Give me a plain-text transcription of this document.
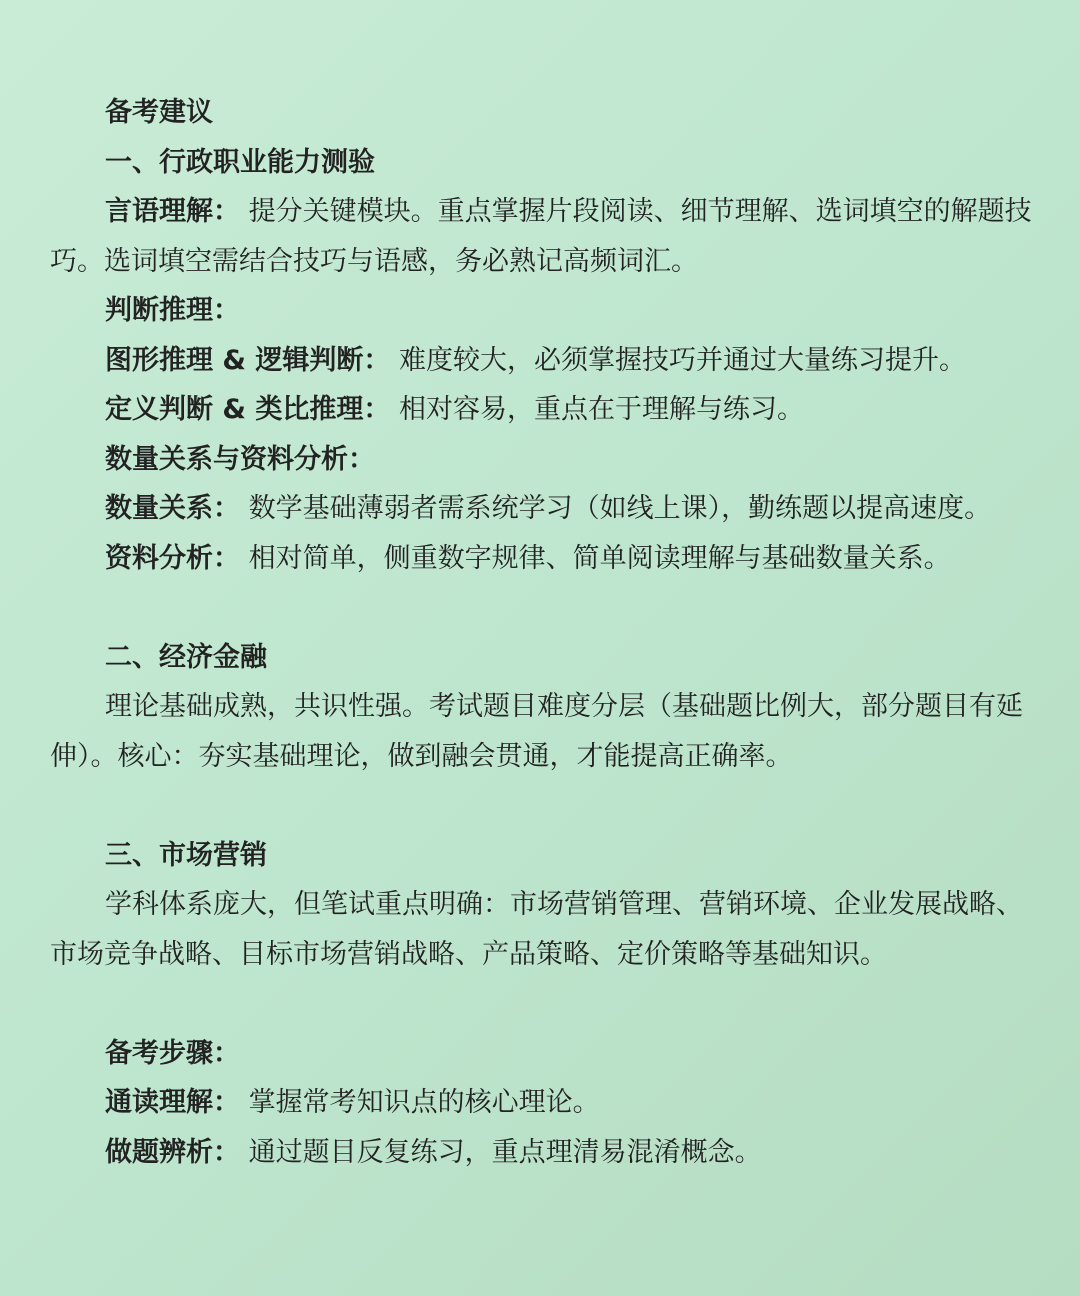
备考建议
一、行政职业能力测验
言语理解： 提分关键模块。重点掌握片段阅读、细节理解、选词填空的解题技巧。选词填空需结合技巧与语感，务必熟记高频词汇。
判断推理：
图形推理 & 逻辑判断： 难度较大，必须掌握技巧并通过大量练习提升。
定义判断 & 类比推理： 相对容易，重点在于理解与练习。
数量关系与资料分析：
数量关系： 数学基础薄弱者需系统学习（如线上课），勤练题以提高速度。
资料分析： 相对简单，侧重数字规律、简单阅读理解与基础数量关系。
二、经济金融
理论基础成熟，共识性强。考试题目难度分层（基础题比例大，部分题目有延伸）。核心：夯实基础理论，做到融会贯通，才能提高正确率。
三、市场营销
学科体系庞大，但笔试重点明确：市场营销管理、营销环境、企业发展战略、市场竞争战略、目标市场营销战略、产品策略、定价策略等基础知识。
备考步骤：
通读理解： 掌握常考知识点的核心理论。
做题辨析： 通过题目反复练习，重点理清易混淆概念。
